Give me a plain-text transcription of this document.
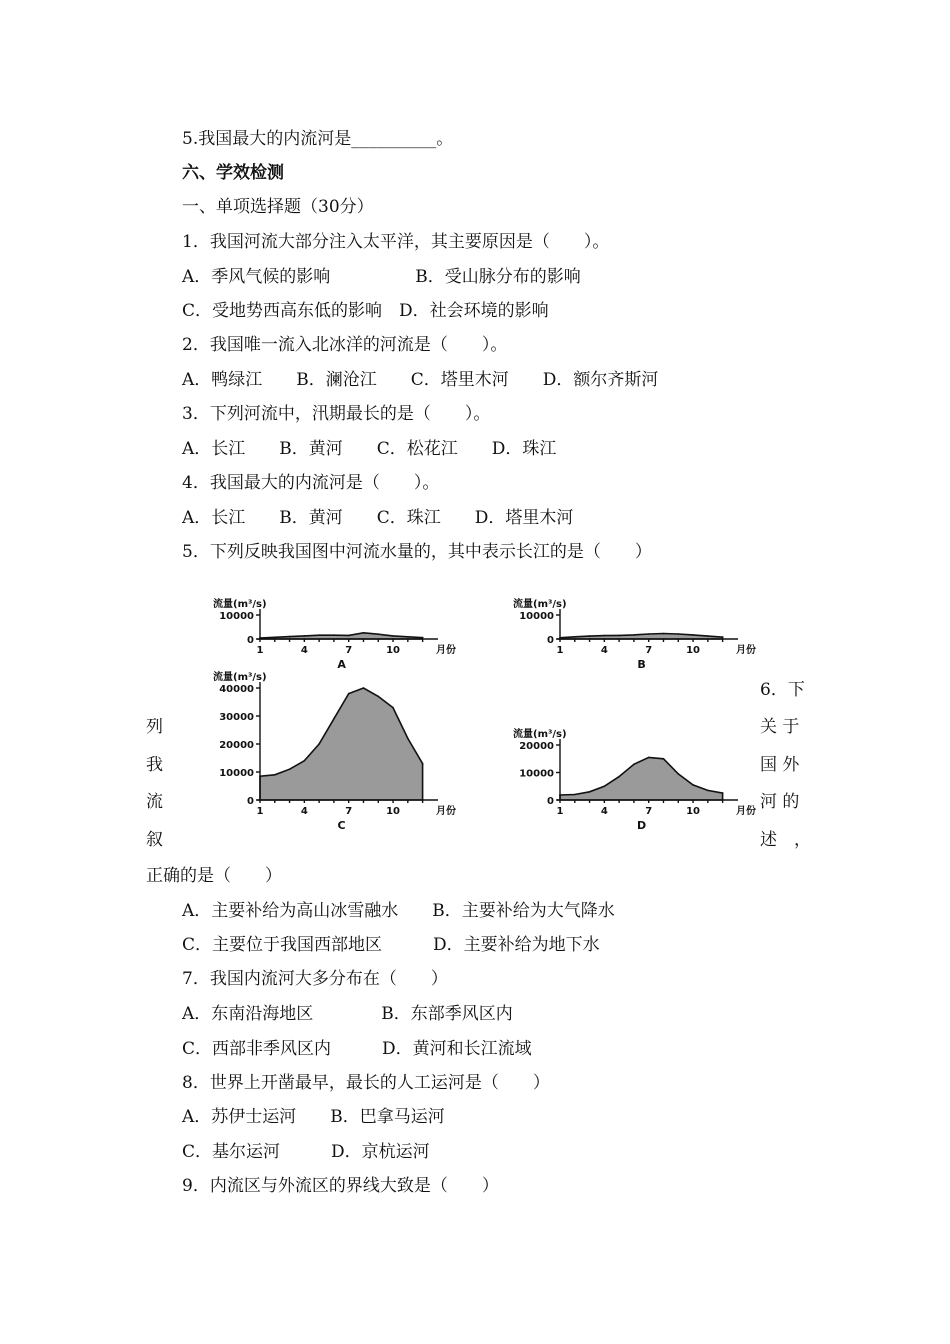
5.我国最大的内流河是__________。
六、学效检测
一、单项选择题（30分）
1．我国河流大部分注入太平洋，其主要原因是（　　）。
A．季风气候的影响　　　　　B．受山脉分布的影响
C．受地势西高东低的影响　D．社会环境的影响
2．我国唯一流入北冰洋的河流是（　　）。
A．鸭绿江　　B．澜沧江　　C．塔里木河　　D．额尔齐斯河
3．下列河流中，汛期最长的是（　　）。
A．长江　　B．黄河　　C．松花江　　D．珠江
4．我国最大的内流河是（　　）。
A．长江　　B．黄河　　C．珠江　　D．塔里木河
5．下列反映我国图中河流水量的，其中表示长江的是（　　）
流量(m³/s)
10000
0
1	4	7	10	月份
A
流量(m³/s)
10000
0
1	4	7	10	月份
B
流量(m³/s)
40000
30000
20000
10000
0
1	4	7	10	月份
C
流量(m³/s)
20000
10000
0
1	4	7	10	月份
D
6．下
列	关 于
我	国 外
流	河 的
叙	述　，
正确的是（　　）
A．主要补给为高山冰雪融水　　B．主要补给为大气降水
C．主要位于我国西部地区　　　D．主要补给为地下水
7．我国内流河大多分布在（　　）
A．东南沿海地区　　　　B．东部季风区内
C．西部非季风区内　　　D．黄河和长江流域
8．世界上开凿最早，最长的人工运河是（　　）
A．苏伊士运河　　B．巴拿马运河
C．基尔运河　　　D．京杭运河
9．内流区与外流区的界线大致是（　　）
